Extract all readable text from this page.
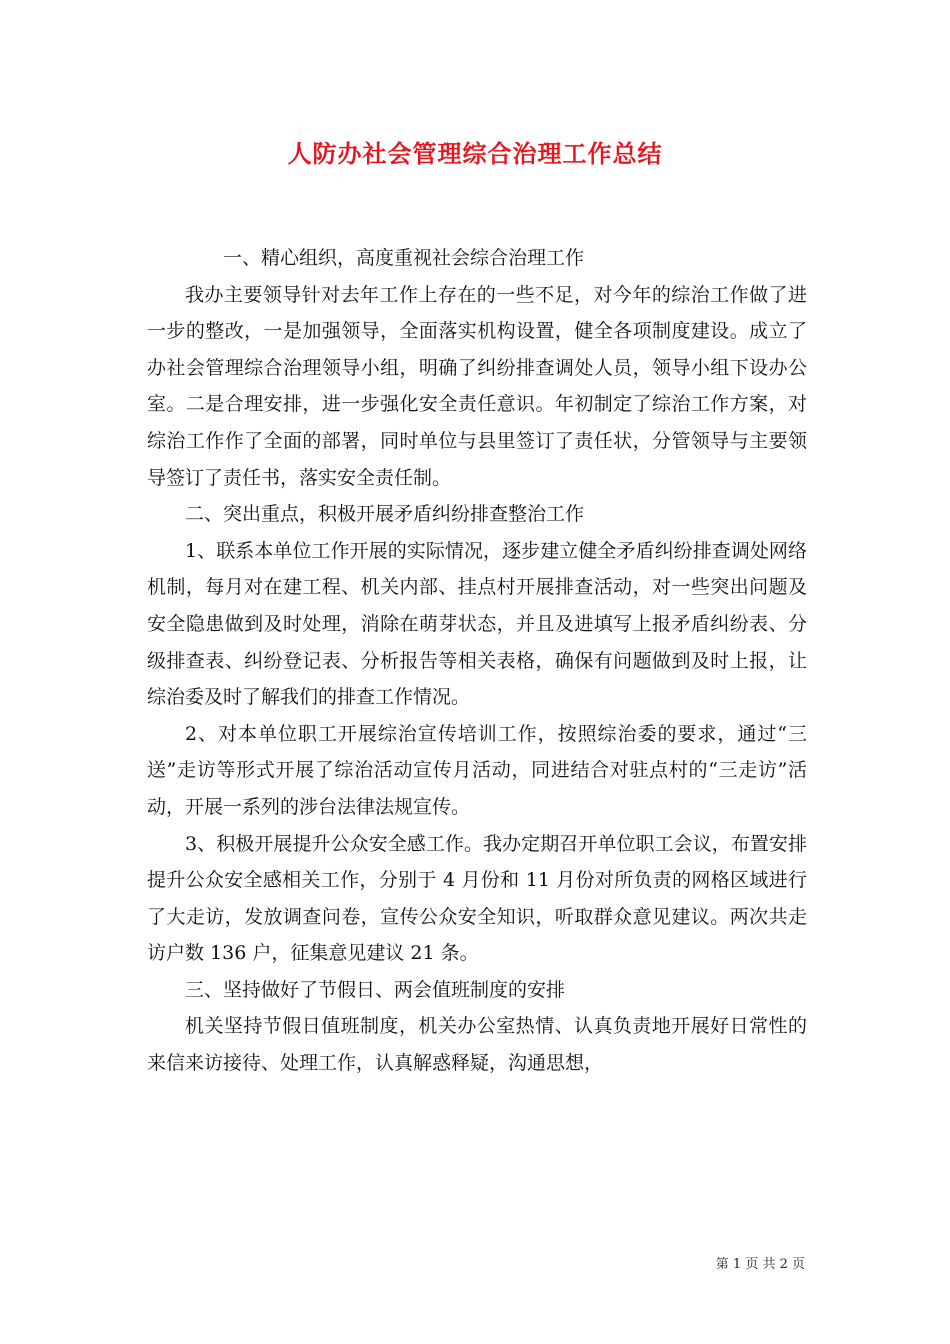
人防办社会管理综合治理工作总结

一、精心组织，高度重视社会综合治理工作

我办主要领导针对去年工作上存在的一些不足，对今年的综治工作做了进一步的整改，一是加强领导，全面落实机构设置，健全各项制度建设。成立了办社会管理综合治理领导小组，明确了纠纷排查调处人员，领导小组下设办公室。二是合理安排，进一步强化安全责任意识。年初制定了综治工作方案，对综治工作作了全面的部署，同时单位与县里签订了责任状，分管领导与主要领导签订了责任书，落实安全责任制。

二、突出重点，积极开展矛盾纠纷排查整治工作

1、联系本单位工作开展的实际情况，逐步建立健全矛盾纠纷排查调处网络机制，每月对在建工程、机关内部、挂点村开展排查活动，对一些突出问题及安全隐患做到及时处理，消除在萌芽状态，并且及进填写上报矛盾纠纷表、分级排查表、纠纷登记表、分析报告等相关表格，确保有问题做到及时上报，让综治委及时了解我们的排查工作情况。

2、对本单位职工开展综治宣传培训工作，按照综治委的要求，通过“三送”走访等形式开展了综治活动宣传月活动，同进结合对驻点村的“三走访”活动，开展一系列的涉台法律法规宣传。

3、积极开展提升公众安全感工作。我办定期召开单位职工会议，布置安排提升公众安全感相关工作，分别于 4 月份和 11 月份对所负责的网格区域进行了大走访，发放调查问卷，宣传公众安全知识，听取群众意见建议。两次共走访户数 136 户，征集意见建议 21 条。

三、坚持做好了节假日、两会值班制度的安排

机关坚持节假日值班制度，机关办公室热情、认真负责地开展好日常性的来信来访接待、处理工作，认真解惑释疑，沟通思想，

第 1 页 共 2 页
